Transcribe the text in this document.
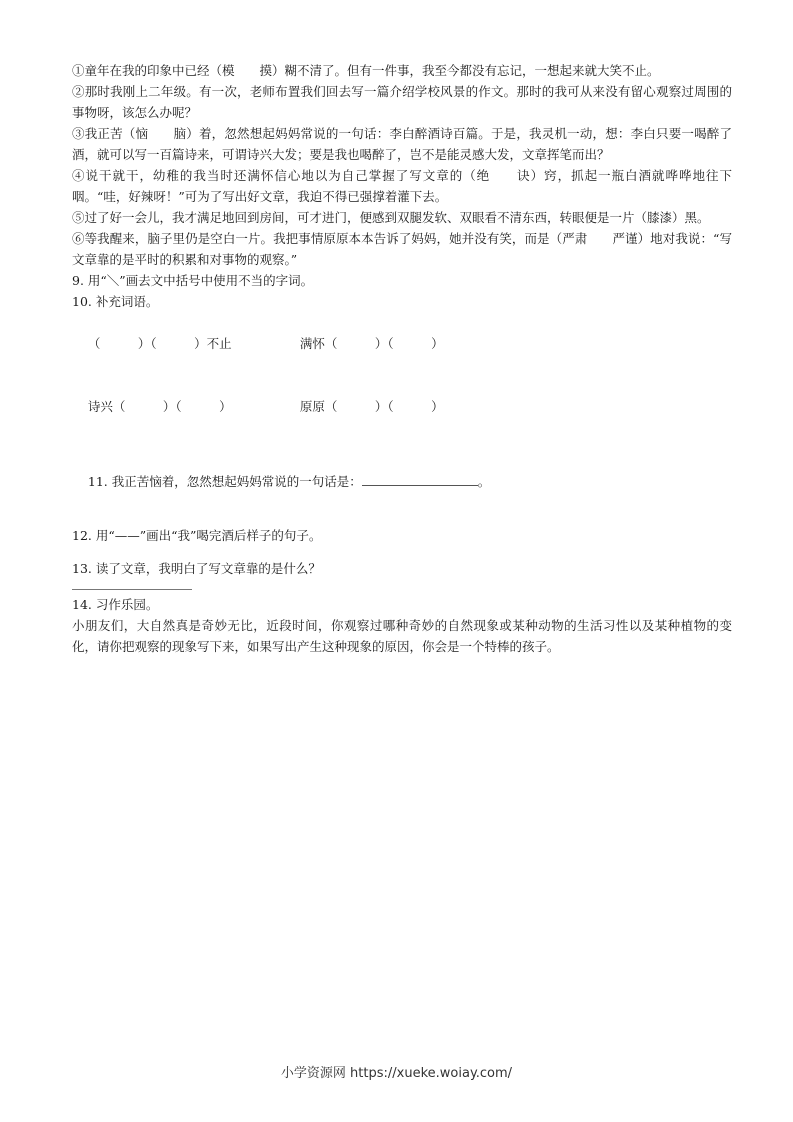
①童年在我的印象中已经（模　　摸）糊不清了。但有一件事，我至今都没有忘记，一想起来就大笑不止。

②那时我刚上二年级。有一次，老师布置我们回去写一篇介绍学校风景的作文。那时的我可从来没有留心观察过周围的事物呀，该怎么办呢？

③我正苦（恼　　脑）着，忽然想起妈妈常说的一句话：李白醉酒诗百篇。于是，我灵机一动，想：李白只要一喝醉了酒，就可以写一百篇诗来，可谓诗兴大发；要是我也喝醉了，岂不是能灵感大发，文章挥笔而出？

④说干就干，幼稚的我当时还满怀信心地以为自己掌握了写文章的（绝　　诀）窍，抓起一瓶白酒就哗哗地往下咽。“哇，好辣呀！”可为了写出好文章，我迫不得已强撑着灌下去。

⑤过了好一会儿，我才满足地回到房间，可才进门，便感到双腿发软、双眼看不清东西，转眼便是一片（膝漆）黑。

⑥等我醒来，脑子里仍是空白一片。我把事情原原本本告诉了妈妈，她并没有笑，而是（严肃　　严谨）地对我说：“写文章靠的是平时的积累和对事物的观察。”

9. 用“＼”画去文中括号中使用不当的字词。

10. 补充词语。

（　　　）（　　　）不止	满怀（　　　）（　　　）

诗兴（　　　）（　　　）	原原（　　　）（　　　）

11. 我正苦恼着，忽然想起妈妈常说的一句话是：	。

12. 用“——”画出“我”喝完酒后样子的句子。

13. 读了文章，我明白了写文章靠的是什么？

14. 习作乐园。

小朋友们，大自然真是奇妙无比，近段时间，你观察过哪种奇妙的自然现象或某种动物的生活习性以及某种植物的变化，请你把观察的现象写下来，如果写出产生这种现象的原因，你会是一个特棒的孩子。

小学资源网 https://xueke.woiay.com/
